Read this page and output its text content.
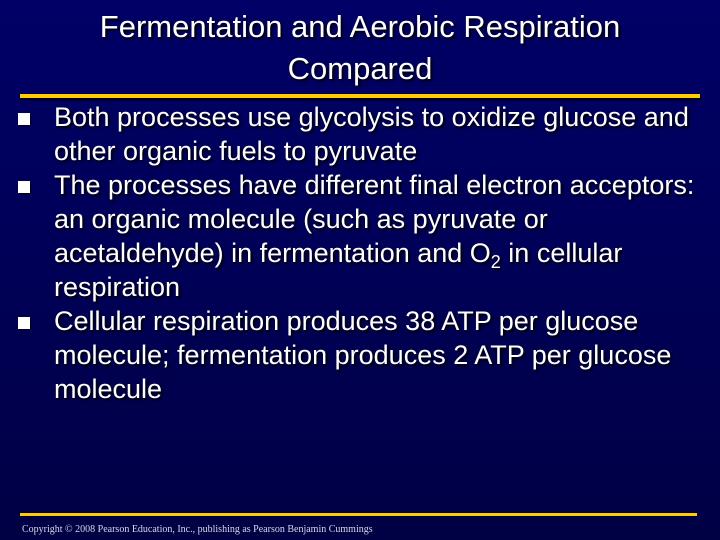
Fermentation and Aerobic Respiration
Compared
Both processes use glycolysis to oxidize glucose and other organic fuels to pyruvate
The processes have different final electron acceptors: an organic molecule (such as pyruvate or acetaldehyde) in fermentation and $O_2$ in cellular respiration
Cellular respiration produces 38 ATP per glucose molecule; fermentation produces 2 ATP per glucose molecule
Copyright © 2008 Pearson Education, Inc., publishing as Pearson Benjamin Cummings
